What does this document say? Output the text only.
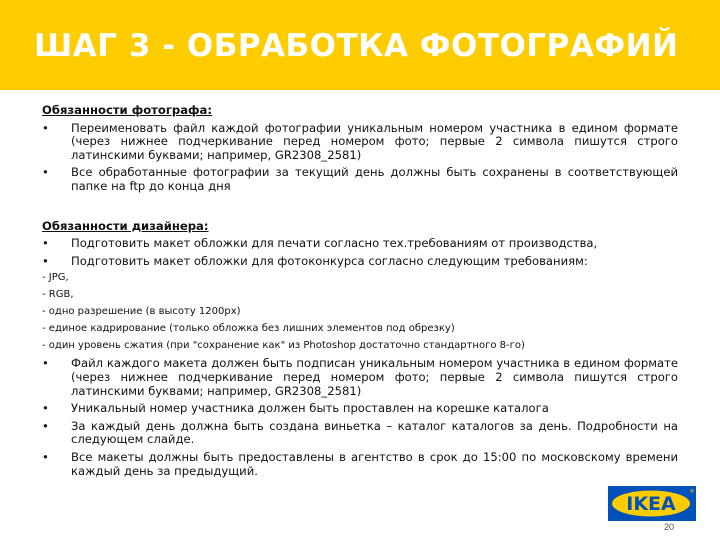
ШАГ 3 - ОБРАБОТКА ФОТОГРАФИЙ

Обязанности фотографа:

• Переименовать файл каждой фотографии уникальным номером участника в едином формате (через нижнее подчеркивание перед номером фото; первые 2 символа пишутся строго латинскими буквами; например, GR2308_2581)

• Все обработанные фотографии за текущий день должны быть сохранены в соответствующей папке на ftp до конца дня

Обязанности дизайнера:

• Подготовить макет обложки для печати согласно тех.требованиям от производства,

• Подготовить макет обложки для фотоконкурса согласно следующим требованиям:

- JPG,

- RGB,

- одно разрешение (в высоту 1200px)

- единое кадрирование (только обложка без лишних элементов под обрезку)

- один уровень сжатия (при "сохранение как" из Photoshop достаточно стандартного 8-го)

• Файл каждого макета должен быть подписан уникальным номером участника в едином формате (через нижнее подчеркивание перед номером фото; первые 2 символа пишутся строго латинскими буквами; например, GR2308_2581)

• Уникальный номер участника должен быть проставлен на корешке каталога

• За каждый день должна быть создана виньетка – каталог каталогов за день. Подробности на следующем слайде.

• Все макеты должны быть предоставлены в агентство в срок до 15:00 по московскому времени каждый день за предыдущий.

IKEA
®
20
